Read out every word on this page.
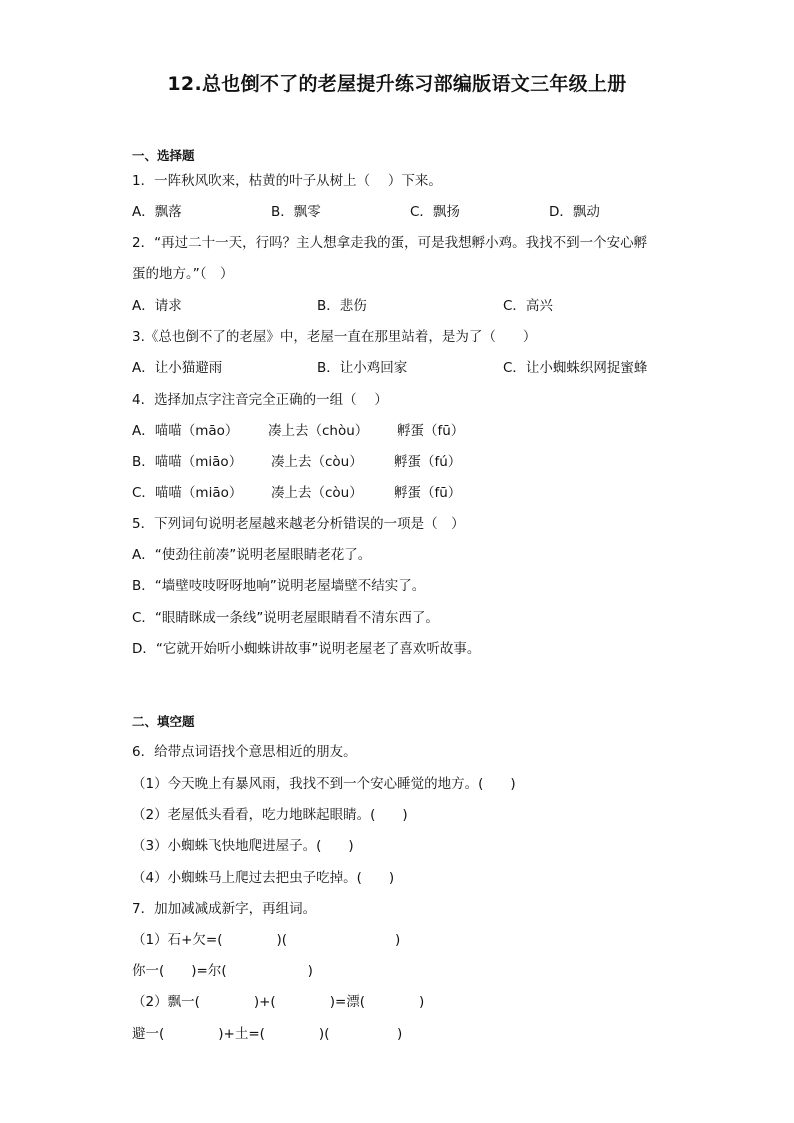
12.总也倒不了的老屋提升练习部编版语文三年级上册
一、选择题
1．一阵秋风吹来，枯黄的叶子从树上（　 ）下来。
A．飘落	B．飘零	C．飘扬	D．飘动
2．“再过二十一天，行吗？主人想拿走我的蛋，可是我想孵小鸡。我找不到一个安心孵
蛋的地方。”（　）
A．请求	B．悲伤	C．高兴
3.《总也倒不了的老屋》中，老屋一直在那里站着，是为了（　　）
A．让小猫避雨	B．让小鸡回家	C．让小蜘蛛织网捉蜜蜂
4．选择加点字注音完全正确的一组（　 ）
A．喵喵（māo） 凑上去（chòu） 孵蛋（fū）
B．喵喵（miāo） 凑上去（còu） 孵蛋（fú）
C．喵喵（miāo） 凑上去（còu） 孵蛋（fū）
5．下列词句说明老屋越来越老分析错误的一项是（　）
A．“使劲往前凑”说明老屋眼睛老花了。
B．“墙壁吱吱呀呀地响”说明老屋墙壁不结实了。
C．“眼睛眯成一条线”说明老屋眼睛看不清东西了。
D．“它就开始听小蜘蛛讲故事”说明老屋老了喜欢听故事。
二、填空题
6．给带点词语找个意思相近的朋友。
（1）今天晚上有暴风雨，我找不到一个安心睡觉的地方。(　　)
（2）老屋低头看看，吃力地眯起眼睛。(　　)
（3）小蜘蛛飞快地爬进屋子。(　　)
（4）小蜘蛛马上爬过去把虫子吃掉。(　　)
7．加加减减成新字，再组词。
（1）石+欠=(　　　　)(　　　　　　　　)
你一(　　)=尔(　　　　　　)
（2）飘一(　　　　)+(　　　　)=漂(　　　　)
避一(　　　　)+土=(　　　　)(　　　　　)
